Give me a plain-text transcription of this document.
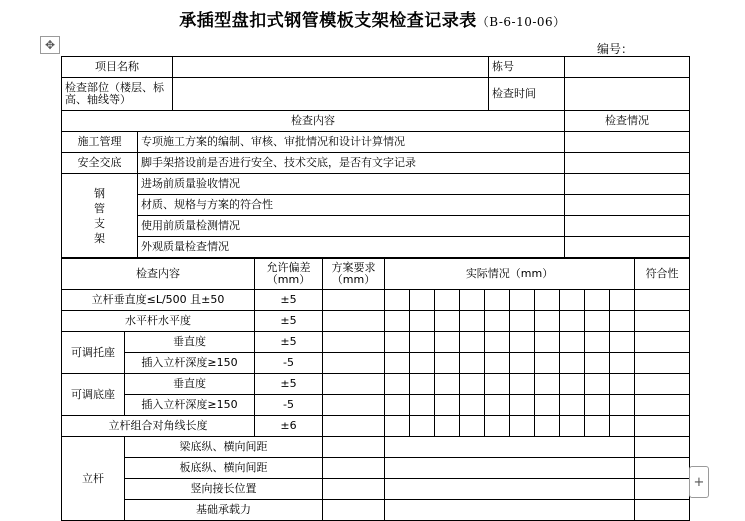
承插型盘扣式钢管模板支架检查记录表（B-6-10-06）
✥	编号：
项目名称			栋号	
检查部位（楼层、标高、轴线等）			检查时间	
检查内容				检查情况
施工管理	专项施工方案的编制、审核、审批情况和设计计算情况			
安全交底	脚手架搭设前是否进行安全、技术交底，是否有文字记录			
钢管支架	进场前质量验收情况			
	材质、规格与方案的符合性			
	使用前质量检测情况			
	外观质量检查情况			
检查内容		允许偏差（mm）	方案要求（mm）	实际情况（mm）										符合性
立杆垂直度≤L/500 且±50		±5												
水平杆水平度		±5												
可调托座	垂直度	±5												
	插入立杆深度≥150	-5												
可调底座	垂直度	±5												
	插入立杆深度≥150	-5												
立杆组合对角线长度		±6												
立杆	梁底纵、横向间距													
	板底纵、横向间距													
	竖向接长位置													
	基础承载力													
+
